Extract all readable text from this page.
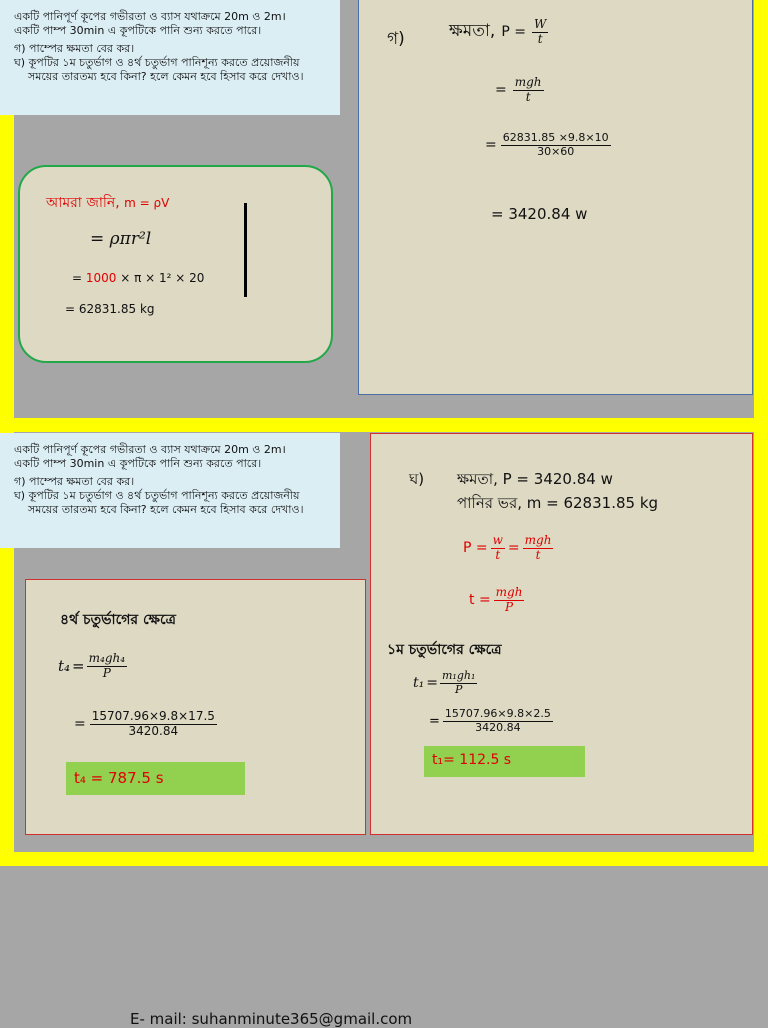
একটি পানিপূর্ণ কূপের গভীরতা ও ব্যাস যথাক্রমে 20m ও 2m।

একটি পাম্প 30min এ কূপটিকে পানি শুন্য করতে পারে।

গ) পাম্পের ক্ষমতা বের কর।
ঘ) কূপটির ১ম চতুর্ভাগ ও ৪র্থ চতুর্ভাগ পানিশূন্য করতে প্রয়োজনীয় সময়ের তারতম্য হবে কিনা? হলে কেমন হবে হিসাব করে দেখাও।
আমরা জানি, m = ρV
= ρπr²l
= 1000 × π × 1² × 20
= 62831.85 kg
গ)	ক্ষমতা, $P = \frac{W}{t}$
= $\frac{\text{mgh}}{t}$
= $\frac{62831.85 \times 9.8\times 10}{30\times 60}$
= 3420.84 w

একটি পানিপূর্ণ কূপের গভীরতা ও ব্যাস যথাক্রমে 20m ও 2m।

একটি পাম্প 30min এ কূপটিকে পানি শুন্য করতে পারে।

গ) পাম্পের ক্ষমতা বের কর।
ঘ) কূপটির ১ম চতুর্ভাগ ও ৪র্থ চতুর্ভাগ পানিশূন্য করতে প্রয়োজনীয় সময়ের তারতম্য হবে কিনা? হলে কেমন হবে হিসাব করে দেখাও।
৪র্থ চতুর্ভাগের ক্ষেত্রে
$t_4 = \frac{\text{m₄gh₄}}{P}$
= $\frac{15707.96\times 9.8\times 17.5}{3420.84}$
t₄ = 787.5 s
ঘ) ক্ষমতা, P = 3420.84 w
পানির ভর, m = 62831.85 kg
$P = \frac{w}{t} = \frac{\text{mgh}}{t}$
$t = \frac{\text{mgh}}{P}$
১ম চতুর্ভাগের ক্ষেত্রে
$t_1 = \frac{\text{m₁gh₁}}{P}$
= $\frac{15707.96\times 9.8\times 2.5}{3420.84}$
t₁= 112.5 s
E- mail: suhanminute365@gmail.com
